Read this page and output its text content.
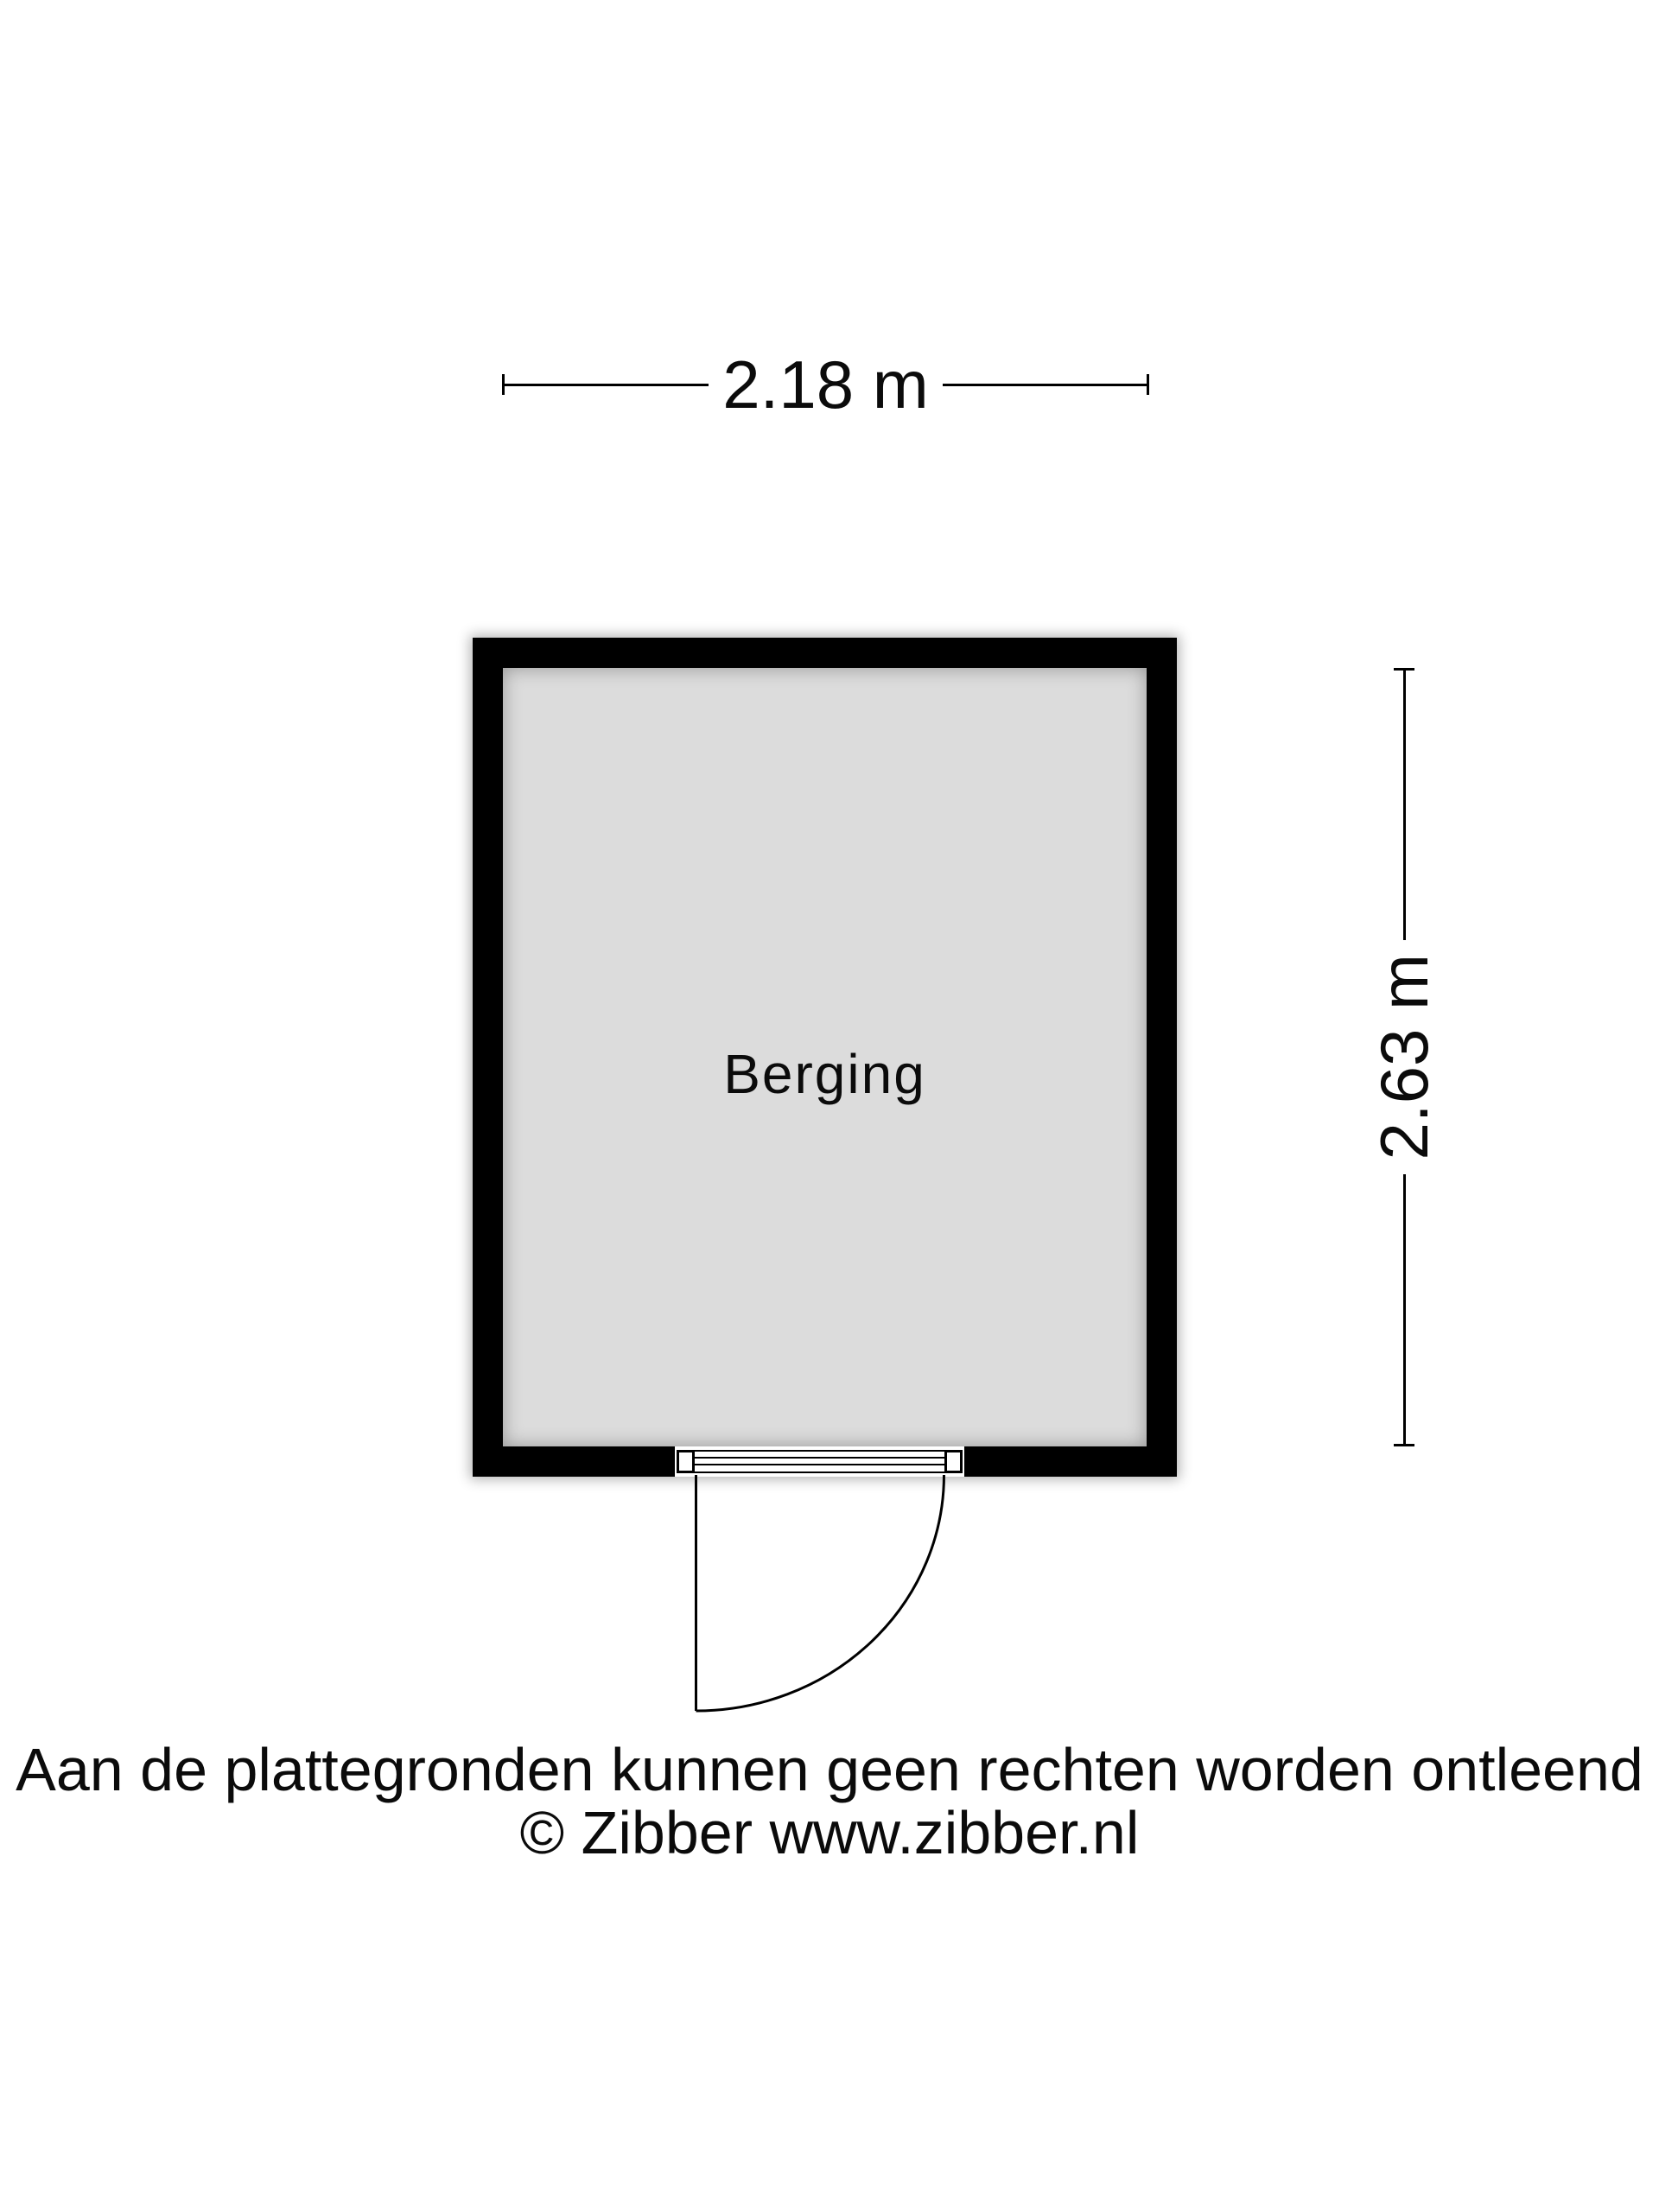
2.18 m
Berging	2.63 m
Aan de plattegronden kunnen geen rechten worden ontleend
© Zibber www.zibber.nl
